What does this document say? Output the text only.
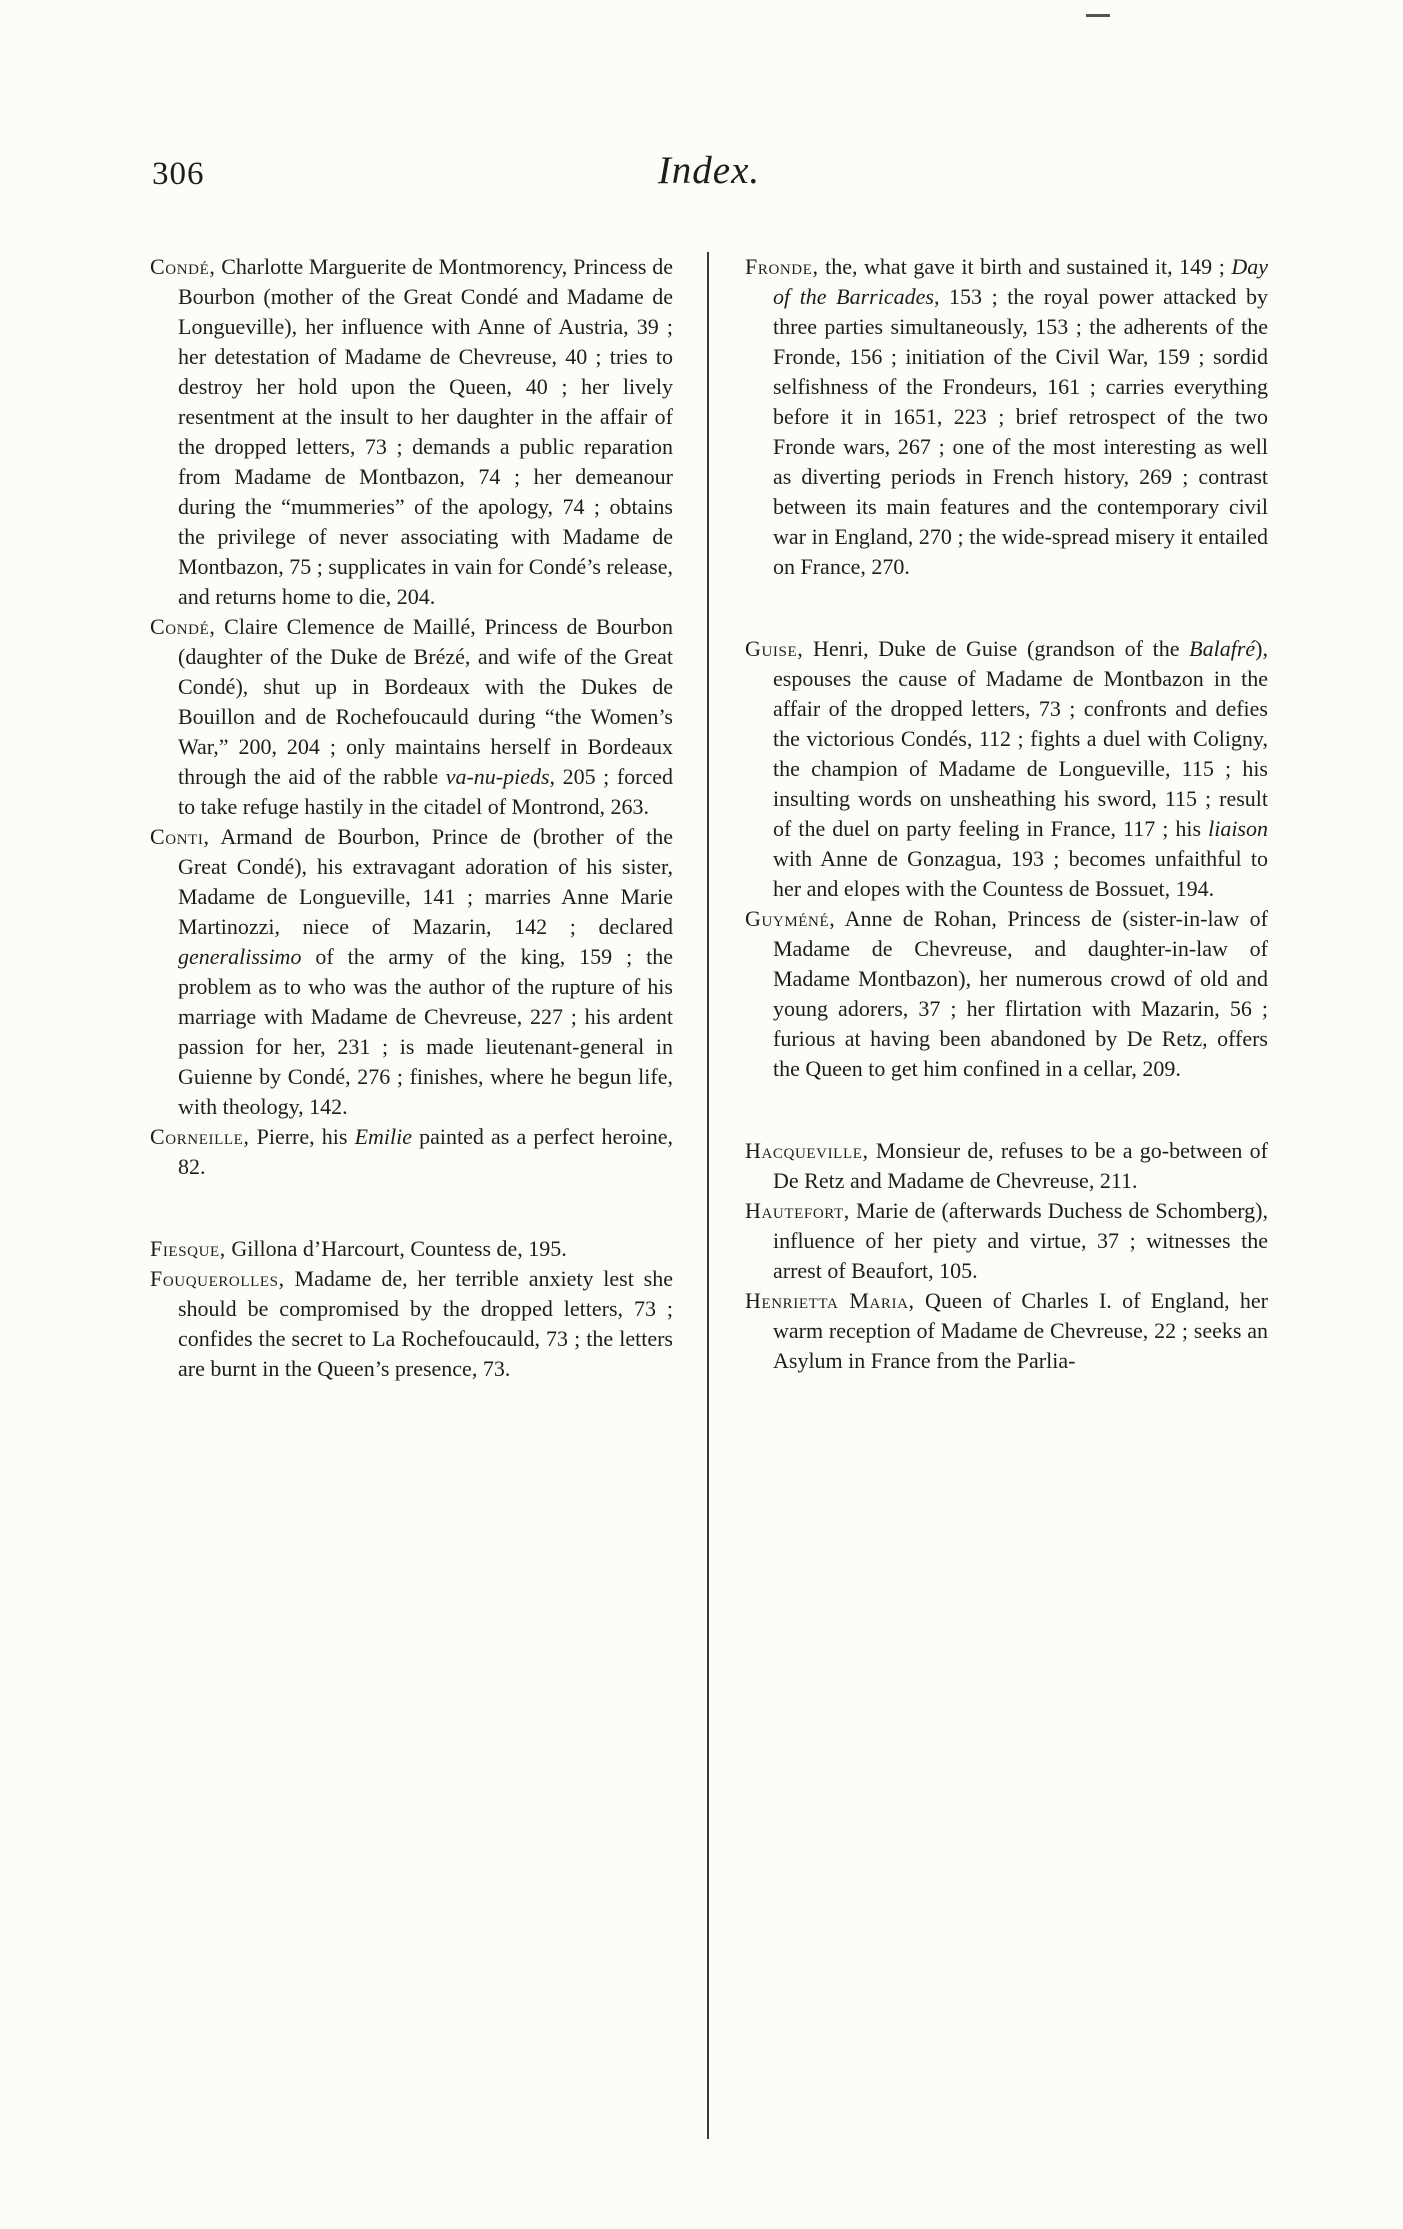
306	Index.

Condé, Charlotte Marguerite de Montmorency, Princess de Bourbon (mother of the Great Condé and Madame de Longueville), her influence with Anne of Austria, 39 ; her detestation of Madame de Chevreuse, 40 ; tries to destroy her hold upon the Queen, 40 ; her lively resentment at the insult to her daughter in the affair of the dropped letters, 73 ; demands a public reparation from Madame de Montbazon, 74 ; her demeanour during the “mummeries” of the apology, 74 ; obtains the privilege of never associating with Madame de Montbazon, 75 ; supplicates in vain for Condé’s release, and returns home to die, 204.

Condé, Claire Clemence de Maillé, Princess de Bourbon (daughter of the Duke de Brézé, and wife of the Great Condé), shut up in Bordeaux with the Dukes de Bouillon and de Rochefoucauld during “the Women’s War,” 200, 204 ; only maintains herself in Bordeaux through the aid of the rabble va-nu-pieds, 205 ; forced to take refuge hastily in the citadel of Montrond, 263.

Conti, Armand de Bourbon, Prince de (brother of the Great Condé), his extravagant adoration of his sister, Madame de Longueville, 141 ; marries Anne Marie Martinozzi, niece of Mazarin, 142 ; declared generalissimo of the army of the king, 159 ; the problem as to who was the author of the rupture of his marriage with Madame de Chevreuse, 227 ; his ardent passion for her, 231 ; is made lieutenant-general in Guienne by Condé, 276 ; finishes, where he begun life, with theology, 142.

Corneille, Pierre, his Emilie painted as a perfect heroine, 82.

Fiesque, Gillona d’Harcourt, Countess de, 195.

Fouquerolles, Madame de, her terrible anxiety lest she should be compromised by the dropped letters, 73 ; confides the secret to La Rochefoucauld, 73 ; the letters are burnt in the Queen’s presence, 73.

Fronde, the, what gave it birth and sustained it, 149 ; Day of the Barricades, 153 ; the royal power attacked by three parties simultaneously, 153 ; the adherents of the Fronde, 156 ; initiation of the Civil War, 159 ; sordid selfishness of the Frondeurs, 161 ; carries everything before it in 1651, 223 ; brief retrospect of the two Fronde wars, 267 ; one of the most interesting as well as diverting periods in French history, 269 ; contrast between its main features and the contemporary civil war in England, 270 ; the wide-spread misery it entailed on France, 270.

Guise, Henri, Duke de Guise (grandson of the Balafré), espouses the cause of Madame de Montbazon in the affair of the dropped letters, 73 ; confronts and defies the victorious Condés, 112 ; fights a duel with Coligny, the champion of Madame de Longueville, 115 ; his insulting words on unsheathing his sword, 115 ; result of the duel on party feeling in France, 117 ; his liaison with Anne de Gonzagua, 193 ; becomes unfaithful to her and elopes with the Countess de Bossuet, 194.

Guyméné, Anne de Rohan, Princess de (sister-in-law of Madame de Chevreuse, and daughter-in-law of Madame Montbazon), her numerous crowd of old and young adorers, 37 ; her flirtation with Mazarin, 56 ; furious at having been abandoned by De Retz, offers the Queen to get him confined in a cellar, 209.

Hacqueville, Monsieur de, refuses to be a go-between of De Retz and Madame de Chevreuse, 211.

Hautefort, Marie de (afterwards Duchess de Schomberg), influence of her piety and virtue, 37 ; witnesses the arrest of Beaufort, 105.

Henrietta Maria, Queen of Charles I. of England, her warm reception of Madame de Chevreuse, 22 ; seeks an Asylum in France from the Parlia-
